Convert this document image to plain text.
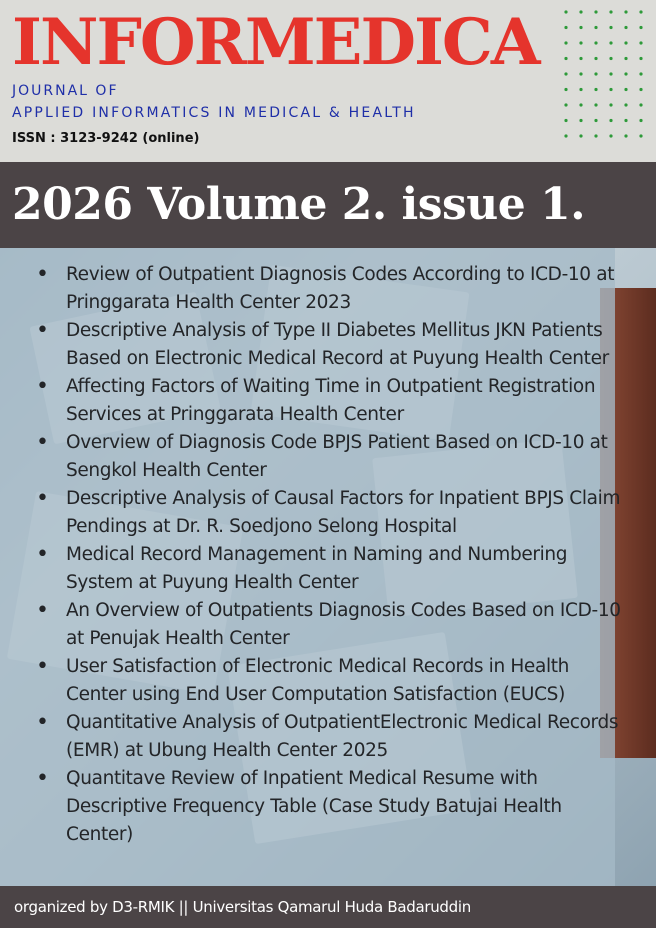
INFORMEDICA
JOURNAL OF
APPLIED INFORMATICS IN MEDICAL & HEALTH
ISSN : 3123-9242 (online)
2026 Volume 2. issue 1.
• Review of Outpatient Diagnosis Codes According to ICD-10 at Pringgarata Health Center 2023
• Descriptive Analysis of Type II Diabetes Mellitus JKN Patients Based on Electronic Medical Record at Puyung Health Center
• Affecting Factors of Waiting Time in Outpatient Registration Services at Pringgarata Health Center
• Overview of Diagnosis Code BPJS Patient Based on ICD-10 at Sengkol Health Center
• Descriptive Analysis of Causal Factors for Inpatient BPJS Claim Pendings at Dr. R. Soedjono Selong Hospital
• Medical Record Management in Naming and Numbering System at Puyung Health Center
• An Overview of Outpatients Diagnosis Codes Based on ICD-10 at Penujak Health Center
• User Satisfaction of Electronic Medical Records in Health Center using End User Computation Satisfaction (EUCS)
• Quantitative Analysis of OutpatientElectronic Medical Records (EMR) at Ubung Health Center 2025
• Quantitave Review of Inpatient Medical Resume with Descriptive Frequency Table (Case Study Batujai Health Center)
organized by D3-RMIK || Universitas Qamarul Huda Badaruddin
